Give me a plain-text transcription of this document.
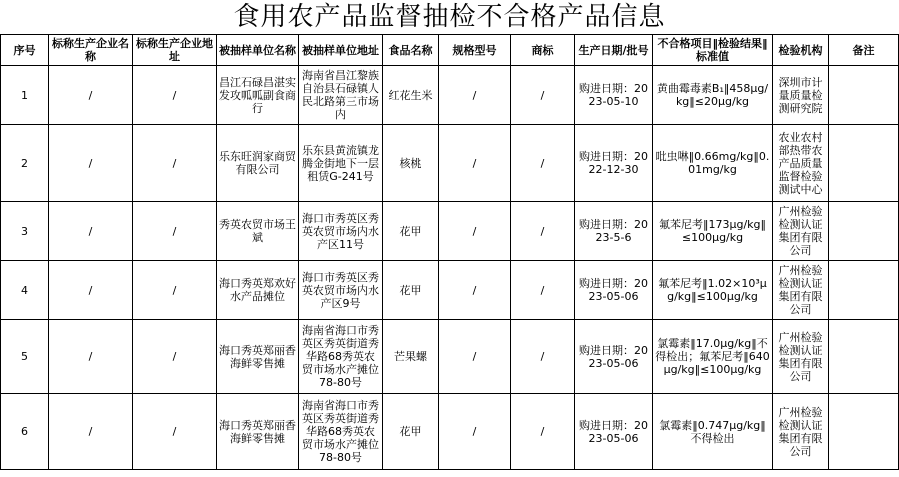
食用农产品监督抽检不合格产品信息
序号	标称生产企业名称	标称生产企业地址	被抽样单位名称	被抽样单位地址	食品名称	规格型号	商标	生产日期/批号	不合格项目‖检验结果‖标准值	检验机构	备注
1	/	/	昌江石碌昌湛实发攻呱呱副食商行	海南省昌江黎族自治县石碌镇人民北路第三市场内	红花生米	/	/	购进日期：2023-05-10	黄曲霉毒素B₁‖458μg/kg‖≤20μg/kg	深圳市计量质量检测研究院	
2	/	/	乐东旺润家商贸有限公司	乐东县黄流镇龙腾金街地下一层租赁G-241号	核桃	/	/	购进日期：2022-12-30	吡虫啉‖0.66mg/kg‖0.01mg/kg	农业农村部热带农产品质量监督检验测试中心	
3	/	/	秀英农贸市场王斌	海口市秀英区秀英农贸市场内水产区11号	花甲	/	/	购进日期：2023-5-6	氟苯尼考‖173μg/kg‖≤100μg/kg	广州检验检测认证集团有限公司	
4	/	/	海口秀英郑欢好水产品摊位	海口市秀英区秀英农贸市场内水产区9号	花甲	/	/	购进日期：2023-05-06	氟苯尼考‖1.02×10³μg/kg‖≤100μg/kg	广州检验检测认证集团有限公司	
5	/	/	海口秀英郑丽香海鲜零售摊	海南省海口市秀英区秀英街道秀华路68秀英农贸市场水产摊位78-80号	芒果螺	/	/	购进日期：2023-05-06	氯霉素‖17.0μg/kg‖不得检出；氟苯尼考‖640μg/kg‖≤100μg/kg	广州检验检测认证集团有限公司	
6	/	/	海口秀英郑丽香海鲜零售摊	海南省海口市秀英区秀英街道秀华路68秀英农贸市场水产摊位78-80号	花甲	/	/	购进日期：2023-05-06	氯霉素‖0.747μg/kg‖不得检出	广州检验检测认证集团有限公司	
